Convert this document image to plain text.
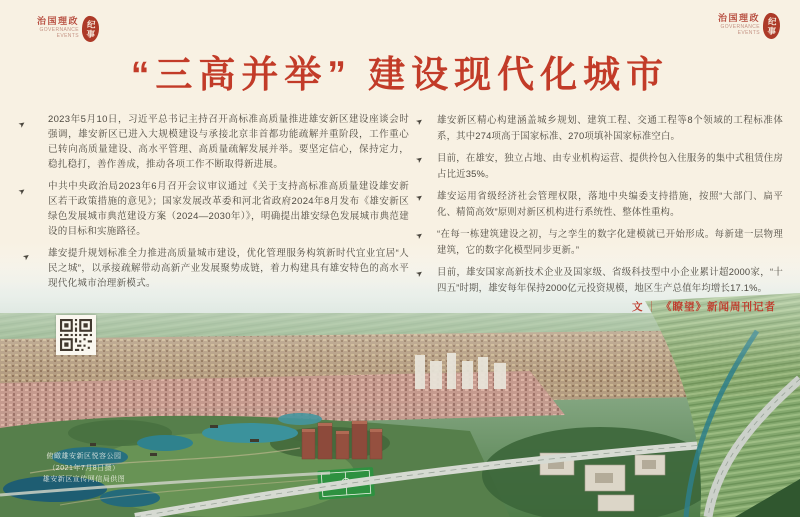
治国理政
GOVERNANCE EVENTS 纪事
治国理政
GOVERNANCE EVENTS 纪事
“三高并举” 建设现代化城市
➤	2023年5月10日，习近平总书记主持召开高标准高质量推进雄安新区建设座谈会时强调，雄安新区已进入大规模建设与承接北京非首都功能疏解并重阶段，工作重心已转向高质量建设、高水平管理、高质量疏解发展并举。要坚定信心，保持定力，稳扎稳打，善作善成，推动各项工作不断取得新进展。
➤	中共中央政治局2023年6月召开会议审议通过《关于支持高标准高质量建设雄安新区若干政策措施的意见》；国家发展改革委和河北省政府2024年8月发布《雄安新区绿色发展城市典范建设方案（2024—2030年）》，明确提出雄安绿色发展城市典范建设的目标和实施路径。
➤	雄安提升规划标准全力推进高质量城市建设，优化管理服务构筑新时代宜业宜居“人民之城”，以承接疏解带动高新产业发展聚势成链，着力构建具有雄安特色的高水平现代化城市治理新模式。
➤	雄安新区精心构建涵盖城乡规划、建筑工程、交通工程等8个领域的工程标准体系，其中274项高于国家标准、270项填补国家标准空白。
➤	目前，在雄安，独立占地、由专业机构运营、提供拎包入住服务的集中式租赁住房占比近35%。
➤	雄安运用省级经济社会管理权限，落地中央编委支持措施，按照“大部门、扁平化、精简高效”原则对新区机构进行系统性、整体性重构。
➤	“在每一栋建筑建设之初，与之孪生的数字化建模就已开始形成。每新建一层物理建筑，它的数字化模型同步更新。”
➤	目前，雄安国家高新技术企业及国家级、省级科技型中小企业累计超2000家，“十四五”时期，雄安每年保持2000亿元投资规模，地区生产总值年均增长17.1%。
文 ｜ 《瞭望》新闻周刊记者
俯瞰雄安新区悦容公园
（2021年7月8日摄）
雄安新区宣传网信局供图
